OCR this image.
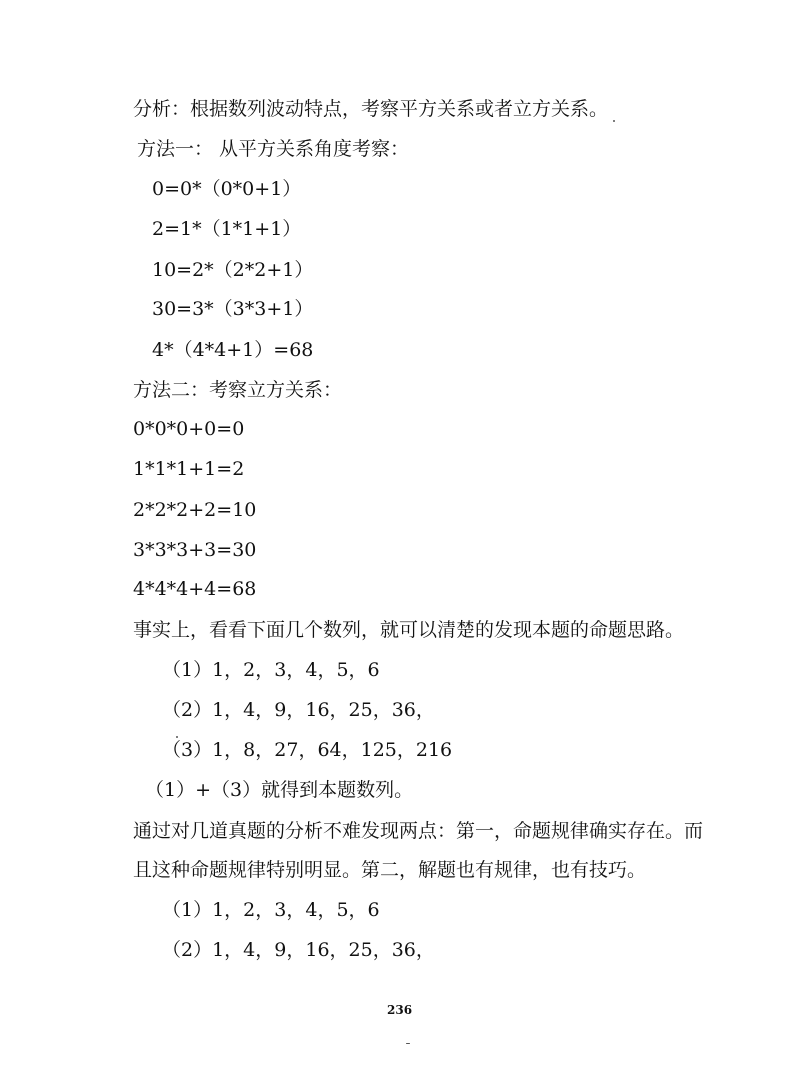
分析：根据数列波动特点，考察平方关系或者立方关系。
方法一： 从平方关系角度考察：
0=0*（0*0+1）
2=1*（1*1+1）
10=2*（2*2+1）
30=3*（3*3+1）
4*（4*4+1）=68
方法二：考察立方关系：
0*0*0+0=0
1*1*1+1=2
2*2*2+2=10
3*3*3+3=30
4*4*4+4=68
事实上，看看下面几个数列，就可以清楚的发现本题的命题思路。
（1）1，2，3，4，5，6
（2）1，4，9，16，25，36，
（3）1，8，27，64，125，216
（1）+（3）就得到本题数列。
通过对几道真题的分析不难发现两点：第一，命题规律确实存在。而
且这种命题规律特别明显。第二，解题也有规律，也有技巧。
（1）1，2，3，4，5，6
（2）1，4，9，16，25，36，
236
